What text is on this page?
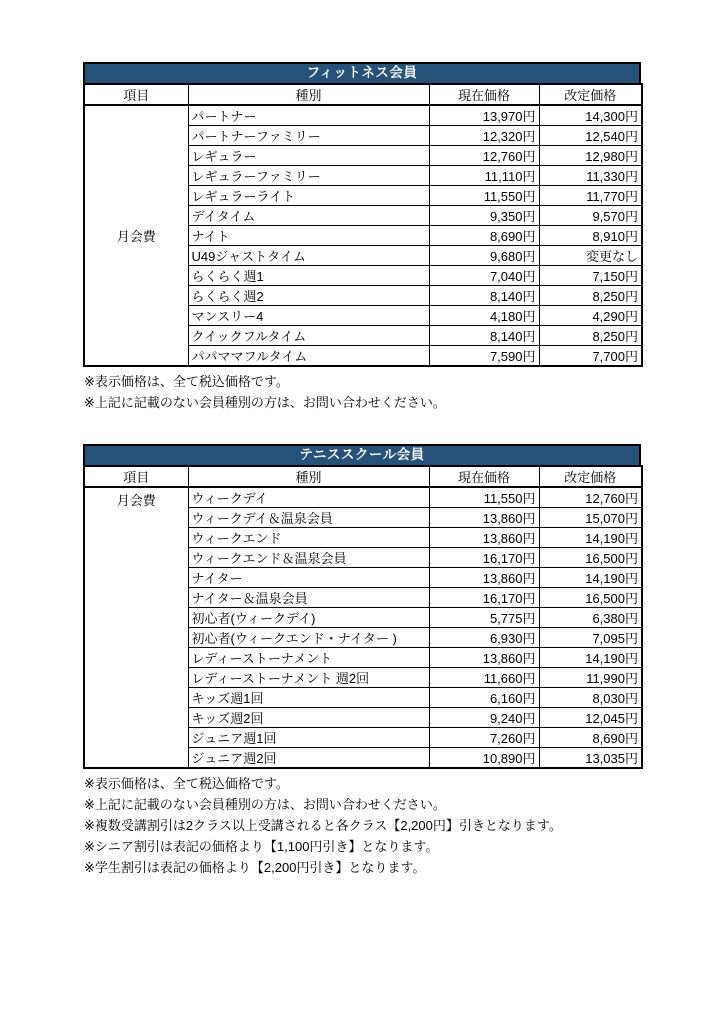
フィットネス会員
項目	種別	現在価格	改定価格
月会費	パートナー	13,970円	14,300円
	パートナーファミリー	12,320円	12,540円
	レギュラー	12,760円	12,980円
	レギュラーファミリー	11,110円	11,330円
	レギュラーライト	11,550円	11,770円
	デイタイム	9,350円	9,570円
	ナイト	8,690円	8,910円
	U49ジャストタイム	9,680円	変更なし
	らくらく週1	7,040円	7,150円
	らくらく週2	8,140円	8,250円
	マンスリー4	4,180円	4,290円
	クイックフルタイム	8,140円	8,250円
	パパママフルタイム	7,590円	7,700円
※表示価格は、全て税込価格です。
※上記に記載のない会員種別の方は、お問い合わせください。
テニススクール会員
項目	種別	現在価格	改定価格
月会費	ウィークデイ	11,550円	12,760円
	ウィークデイ＆温泉会員	13,860円	15,070円
	ウィークエンド	13,860円	14,190円
	ウィークエンド＆温泉会員	16,170円	16,500円
	ナイター	13,860円	14,190円
	ナイター＆温泉会員	16,170円	16,500円
	初心者(ウィークデイ)	5,775円	6,380円
	初心者(ウィークエンド・ナイター )	6,930円	7,095円
	レディーストーナメント	13,860円	14,190円
	レディーストーナメント 週2回	11,660円	11,990円
	キッズ週1回	6,160円	8,030円
	キッズ週2回	9,240円	12,045円
	ジュニア週1回	7,260円	8,690円
	ジュニア週2回	10,890円	13,035円
※表示価格は、全て税込価格です。
※上記に記載のない会員種別の方は、お問い合わせください。
※複数受講割引は2クラス以上受講されると各クラス【2,200円】引きとなります。
※シニア割引は表記の価格より【1,100円引き】となります。
※学生割引は表記の価格より【2,200円引き】となります。
